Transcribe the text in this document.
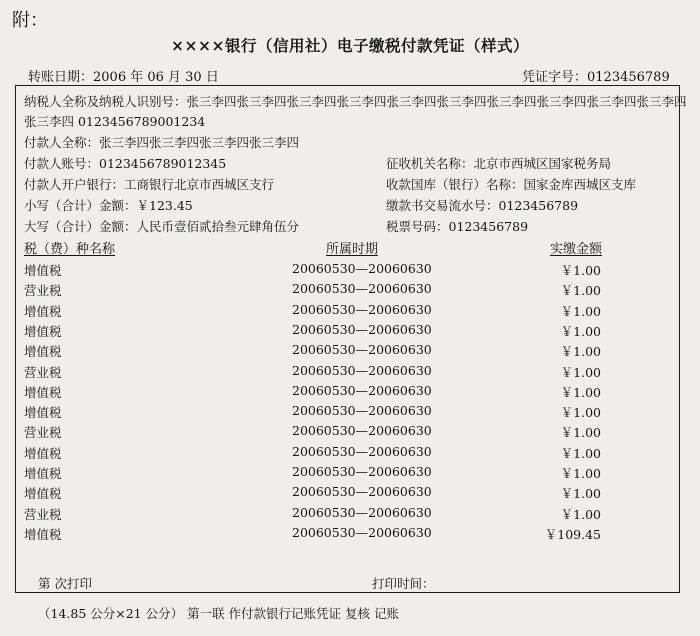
附：
××××银行（信用社）电子缴税付款凭证（样式）
转账日期：2006 年 06 月 30 日	凭证字号：0123456789
纳税人全称及纳税人识别号：张三李四张三李四张三李四张三李四张三李四张三李四张三李四张三李四张三李四张三李四
张三李四 0123456789001234
付款人全称：张三李四张三李四张三李四张三李四
付款人账号：012345678901234​5	征收机关名称：北京市西城区国家税务局
付款人开户银行：工商银行北京市西城区支行	收款国库（银行）名称：国家金库西城区支库
小写（合计）金额：￥123.45	缴款书交易流水号：0123456789
大写（合计）金额：人民币壹佰贰拾叁元肆角伍分	税票号码：0123456789
税（费）种名称	所属时期	实缴金额
增值税	20060530—20060630	￥1.00
营业税	20060530—20060630	￥1.00
增值税	20060530—20060630	￥1.00
增值税	20060530—20060630	￥1.00
增值税	20060530—20060630	￥1.00
营业税	20060530—20060630	￥1.00
增值税	20060530—20060630	￥1.00
增值税	20060530—20060630	￥1.00
营业税	20060530—20060630	￥1.00
增值税	20060530—20060630	￥1.00
增值税	20060530—20060630	￥1.00
增值税	20060530—20060630	￥1.00
营业税	20060530—20060630	￥1.00
增值税	20060530—20060630	￥109.45
第 次打印	打印时间：
（14.85 公分×21 公分） 第一联 作付款银行记账凭证 复核 记账
